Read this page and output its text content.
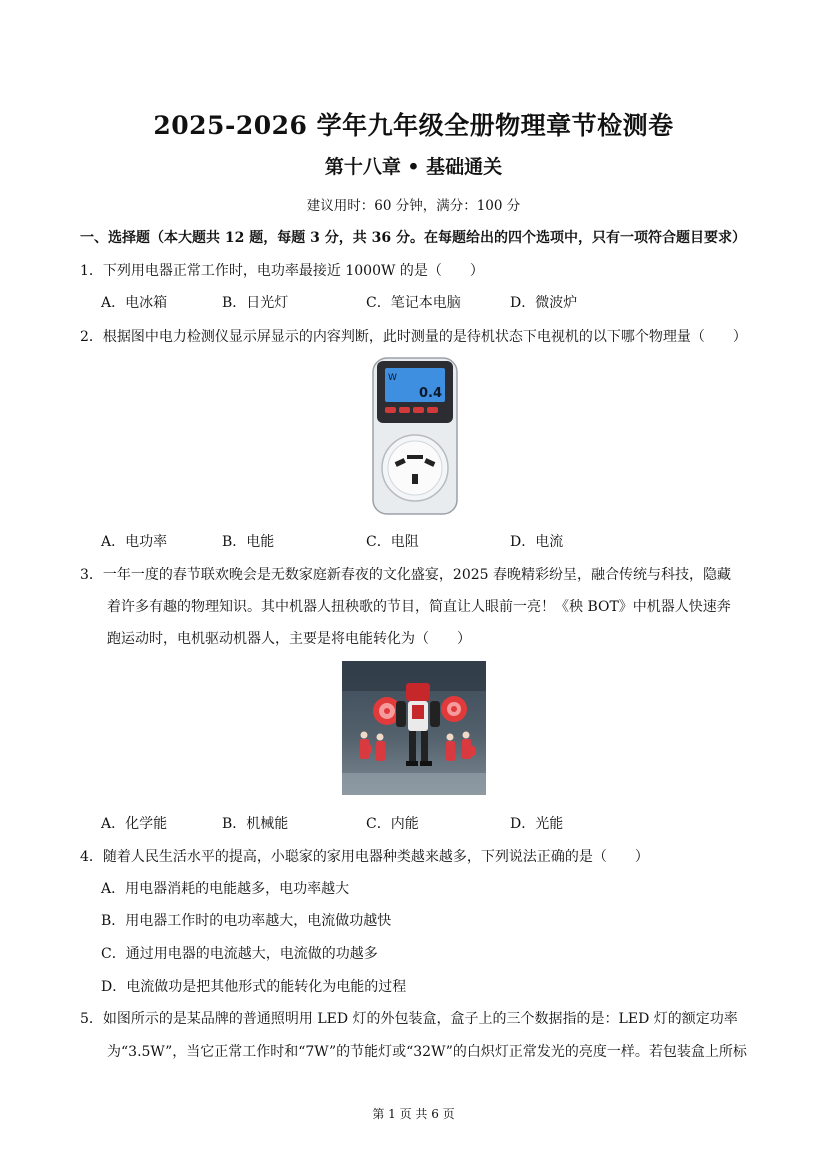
2025-2026 学年九年级全册物理章节检测卷
第十八章 • 基础通关
建议用时：60 分钟，满分：100 分
一、选择题（本大题共 12 题，每题 3 分，共 36 分。在每题给出的四个选项中，只有一项符合题目要求）
1．下列用电器正常工作时，电功率最接近 1000W 的是（　　）
A．电冰箱	B．日光灯	C．笔记本电脑	D．微波炉
2．根据图中电力检测仪显示屏显示的内容判断，此时测量的是待机状态下电视机的以下哪个物理量（　　）
W
0.4
A．电功率	B．电能	C．电阻	D．电流
3．一年一度的春节联欢晚会是无数家庭新春夜的文化盛宴，2025 春晚精彩纷呈，融合传统与科技，隐藏
着许多有趣的物理知识。其中机器人扭秧歌的节目，简直让人眼前一亮！《秧 BOT》中机器人快速奔
跑运动时，电机驱动机器人，主要是将电能转化为（　　）
A．化学能	B．机械能	C．内能	D．光能
4．随着人民生活水平的提高，小聪家的家用电器种类越来越多，下列说法正确的是（　　）
A．用电器消耗的电能越多，电功率越大
B．用电器工作时的电功率越大，电流做功越快
C．通过用电器的电流越大，电流做的功越多
D．电流做功是把其他形式的能转化为电能的过程
5．如图所示的是某品牌的普通照明用 LED 灯的外包装盒，盒子上的三个数据指的是：LED 灯的额定功率
为“3.5W”，当它正常工作时和“7W”的节能灯或“32W”的白炽灯正常发光的亮度一样。若包装盒上所标
第 1 页 共 6 页
